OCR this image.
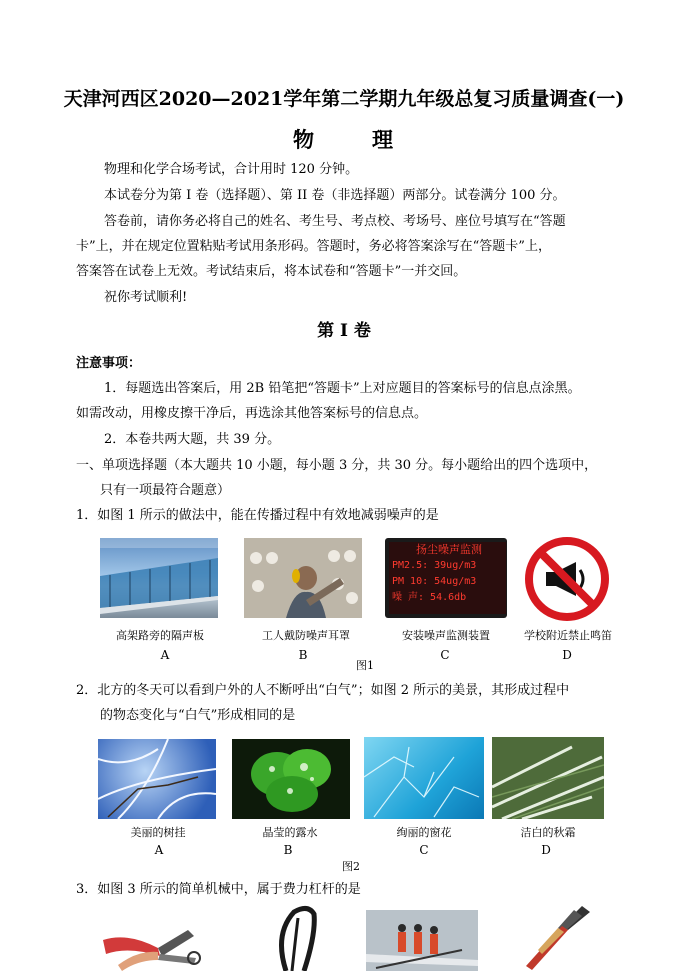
天津河西区2020—2021学年第二学期九年级总复习质量调查(一)
物	理
物理和化学合场考试，合计用时 120 分钟。
本试卷分为第 I 卷（选择题）、第 II 卷（非选择题）两部分。试卷满分 100 分。
答卷前，请你务必将自己的姓名、考生号、考点校、考场号、座位号填写在“答题
卡”上，并在规定位置粘贴考试用条形码。答题时，务必将答案涂写在“答题卡”上，
答案答在试卷上无效。考试结束后，将本试卷和“答题卡”一并交回。
祝你考试顺利!
第 I 卷
注意事项：
1．每题选出答案后，用 2B 铅笔把“答题卡”上对应题目的答案标号的信息点涂黑。
如需改动，用橡皮擦干净后，再选涂其他答案标号的信息点。
2．本卷共两大题，共 39 分。
一、单项选择题（本大题共 10 小题，每小题 3 分，共 30 分。每小题给出的四个选项中，
只有一项最符合题意）
1．如图 1 所示的做法中，能在传播过程中有效地减弱噪声的是
扬尘噪声监测
PM2.5: 39ug/m3
PM 10: 54ug/m3
噪 声: 54.6db
高架路旁的隔声板	工人戴防噪声耳罩	安装噪声监测装置	学校附近禁止鸣笛
A	B	C	D
图1
2．北方的冬天可以看到户外的人不断呼出“白气”；如图 2 所示的美景，其形成过程中
的物态变化与“白气”形成相同的是
美丽的树挂	晶莹的露水	绚丽的窗花	洁白的秋霜
A	B	C	D
图2
3．如图 3 所示的简单机械中，属于费力杠杆的是
